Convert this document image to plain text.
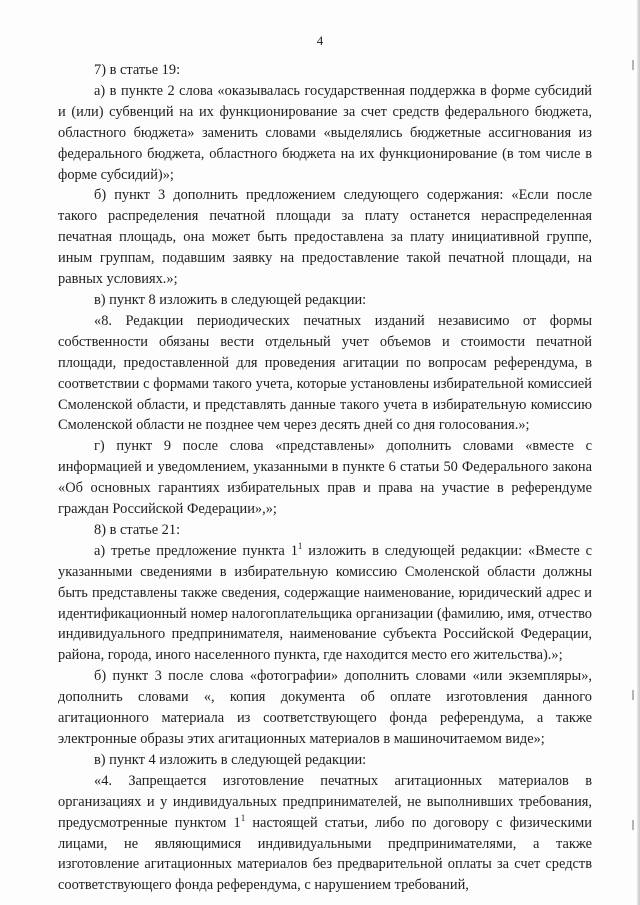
4

7) в статье 19:

а) в пункте 2 слова «оказывалась государственная поддержка в форме субсидий и (или) субвенций на их функционирование за счет средств федерального бюджета, областного бюджета» заменить словами «выделялись бюджетные ассигнования из федерального бюджета, областного бюджета на их функционирование (в том числе в форме субсидий)»;

б) пункт 3 дополнить предложением следующего содержания: «Если после такого распределения печатной площади за плату останется нераспределенная печатная площадь, она может быть предоставлена за плату инициативной группе, иным группам, подавшим заявку на предоставление такой печатной площади, на равных условиях.»;

в) пункт 8 изложить в следующей редакции:

«8. Редакции периодических печатных изданий независимо от формы собственности обязаны вести отдельный учет объемов и стоимости печатной площади, предоставленной для проведения агитации по вопросам референдума, в соответствии с формами такого учета, которые установлены избирательной комиссией Смоленской области, и представлять данные такого учета в избирательную комиссию Смоленской области не позднее чем через десять дней со дня голосования.»;

г) пункт 9 после слова «представлены» дополнить словами «вместе с информацией и уведомлением, указанными в пункте 6 статьи 50 Федерального закона «Об основных гарантиях избирательных прав и права на участие в референдуме граждан Российской Федерации»,»;

8) в статье 21:

а) третье предложение пункта $1^1$ изложить в следующей редакции: «Вместе с указанными сведениями в избирательную комиссию Смоленской области должны быть представлены также сведения, содержащие наименование, юридический адрес и идентификационный номер налогоплательщика организации (фамилию, имя, отчество индивидуального предпринимателя, наименование субъекта Российской Федерации, района, города, иного населенного пункта, где находится место его жительства).»;

б) пункт 3 после слова «фотографии» дополнить словами «или экземпляры», дополнить словами «, копия документа об оплате изготовления данного агитационного материала из соответствующего фонда референдума, а также электронные образы этих агитационных материалов в машиночитаемом виде»;

в) пункт 4 изложить в следующей редакции:

«4. Запрещается изготовление печатных агитационных материалов в организациях и у индивидуальных предпринимателей, не выполнивших требования, предусмотренные пунктом $1^1$ настоящей статьи, либо по договору с физическими лицами, не являющимися индивидуальными предпринимателями, а также изготовление агитационных материалов без предварительной оплаты за счет средств соответствующего фонда референдума, с нарушением требований,
